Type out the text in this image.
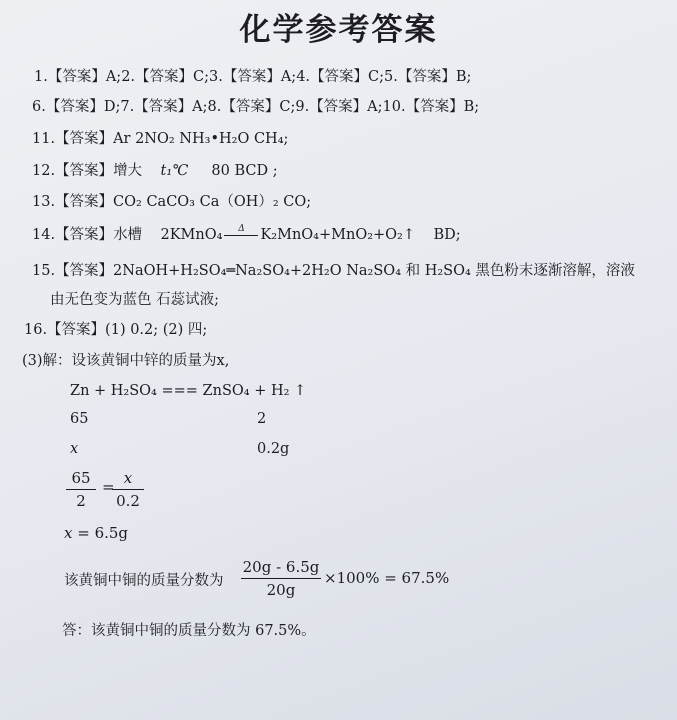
化学参考答案
1.【答案】A;2.【答案】C;3.【答案】A;4.【答案】C;5.【答案】B;
6.【答案】D;7.【答案】A;8.【答案】C;9.【答案】A;10.【答案】B;
11.【答案】Ar 2NO₂ NH₃•H₂O CH₄;
12.【答案】增大 t₁℃ 80 BCD ;
13.【答案】CO₂ CaCO₃ Ca（OH）₂ CO;
14.【答案】水槽 2KMnO₄	Δ	K₂MnO₄+MnO₂+O₂↑ BD;
15.【答案】2NaOH+H₂SO₄═Na₂SO₄+2H₂O Na₂SO₄ 和 H₂SO₄ 黑色粉末逐渐溶解，溶液
由无色变为蓝色 石蕊试液;
16.【答案】(1) 0.2; (2) 四;
(3)解：设该黄铜中锌的质量为x,
Zn + H₂SO₄ === ZnSO₄ + H₂ ↑
65	2
x	0.2g
65
2
= x
0.2
x = 6.5g
该黄铜中铜的质量分数为
20g - 6.5g
20g
×100% = 67.5%
答：该黄铜中铜的质量分数为 67.5%。
